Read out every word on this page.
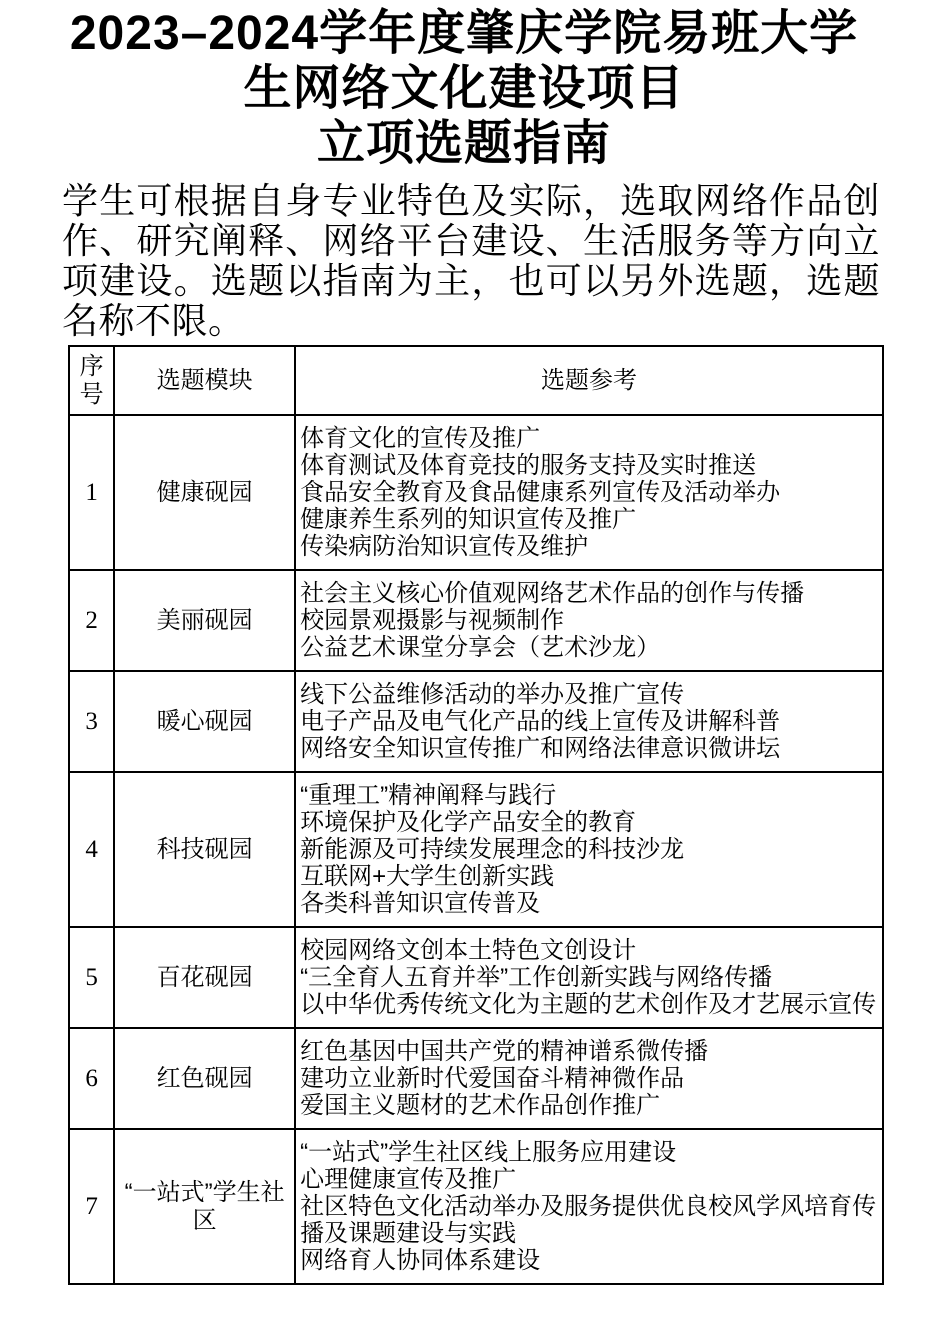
2023–2024学年度肇庆学院易班大学
生网络文化建设项目
立项选题指南
学生可根据自身专业特色及实际，选取网络作品创作、研究阐释、网络平台建设、生活服务等方向立项建设。选题以指南为主，也可以另外选题，选题名称不限。
序号	选题模块	选题参考
1	健康砚园	体育文化的宣传及推广
体育测试及体育竞技的服务支持及实时推送
食品安全教育及食品健康系列宣传及活动举办
健康养生系列的知识宣传及推广
传染病防治知识宣传及维护

2	美丽砚园	社会主义核心价值观网络艺术作品的创作与传播
校园景观摄影与视频制作
公益艺术课堂分享会（艺术沙龙）

3	暖心砚园	线下公益维修活动的举办及推广宣传
电子产品及电气化产品的线上宣传及讲解科普
网络安全知识宣传推广和网络法律意识微讲坛

4	科技砚园	“重理工”精神阐释与践行
环境保护及化学产品安全的教育
新能源及可持续发展理念的科技沙龙
互联网+大学生创新实践
各类科普知识宣传普及

5	百花砚园	校园网络文创本土特色文创设计
“三全育人五育并举”工作创新实践与网络传播
以中华优秀传统文化为主题的艺术创作及才艺展示宣传

6	红色砚园	红色基因中国共产党的精神谱系微传播
建功立业新时代爱国奋斗精神微作品
爱国主义题材的艺术作品创作推广

7	“一站式”学生社区	“一站式”学生社区线上服务应用建设
心理健康宣传及推广
社区特色文化活动举办及服务提供优良校风学风培育传播及课题建设与实践
网络育人协同体系建设
